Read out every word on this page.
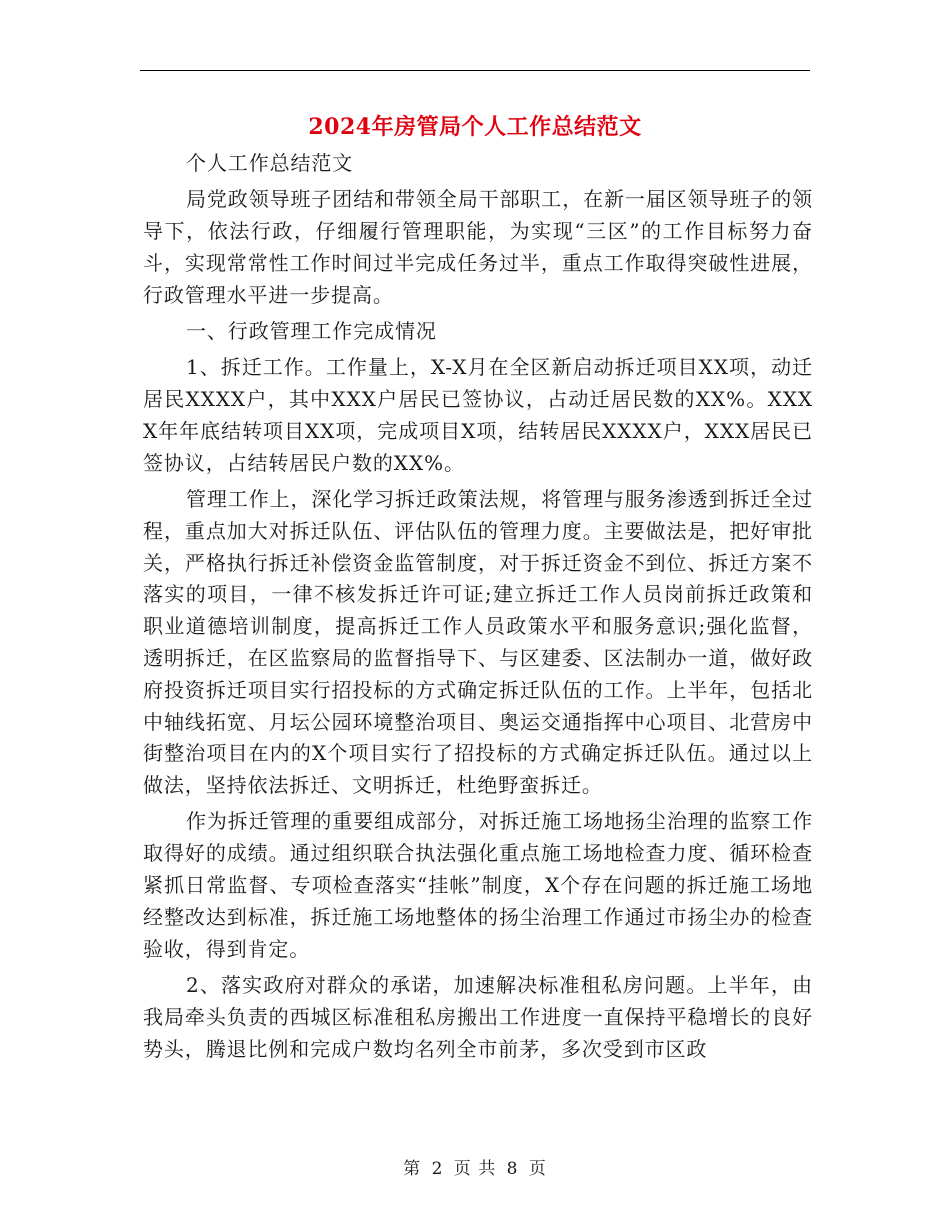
2024年房管局个人工作总结范文

个人工作总结范文

局党政领导班子团结和带领全局干部职工，在新一届区领导班子的领导下，依法行政，仔细履行管理职能，为实现“三区”的工作目标努力奋斗，实现常常性工作时间过半完成任务过半，重点工作取得突破性进展，行政管理水平进一步提高。

一、行政管理工作完成情况

1、拆迁工作。工作量上，X-X月在全区新启动拆迁项目XX项，动迁居民XXXX户，其中XXX户居民已签协议，占动迁居民数的XX%。XXXX年年底结转项目XX项，完成项目X项，结转居民XXXX户，XXX居民已签协议，占结转居民户数的XX%。

管理工作上，深化学习拆迁政策法规，将管理与服务渗透到拆迁全过程，重点加大对拆迁队伍、评估队伍的管理力度。主要做法是，把好审批关，严格执行拆迁补偿资金监管制度，对于拆迁资金不到位、拆迁方案不落实的项目，一律不核发拆迁许可证;建立拆迁工作人员岗前拆迁政策和职业道德培训制度，提高拆迁工作人员政策水平和服务意识;强化监督，透明拆迁，在区监察局的监督指导下、与区建委、区法制办一道，做好政府投资拆迁项目实行招投标的方式确定拆迁队伍的工作。上半年，包括北中轴线拓宽、月坛公园环境整治项目、奥运交通指挥中心项目、北营房中街整治项目在内的X个项目实行了招投标的方式确定拆迁队伍。通过以上做法，坚持依法拆迁、文明拆迁，杜绝野蛮拆迁。

作为拆迁管理的重要组成部分，对拆迁施工场地扬尘治理的监察工作取得好的成绩。通过组织联合执法强化重点施工场地检查力度、循环检查紧抓日常监督、专项检查落实“挂帐”制度，X个存在问题的拆迁施工场地经整改达到标准，拆迁施工场地整体的扬尘治理工作通过市扬尘办的检查验收，得到肯定。

2、落实政府对群众的承诺，加速解决标准租私房问题。上半年，由我局牵头负责的西城区标准租私房搬出工作进度一直保持平稳增长的良好势头，腾退比例和完成户数均名列全市前茅，多次受到市区政

第 2 页 共 8 页
